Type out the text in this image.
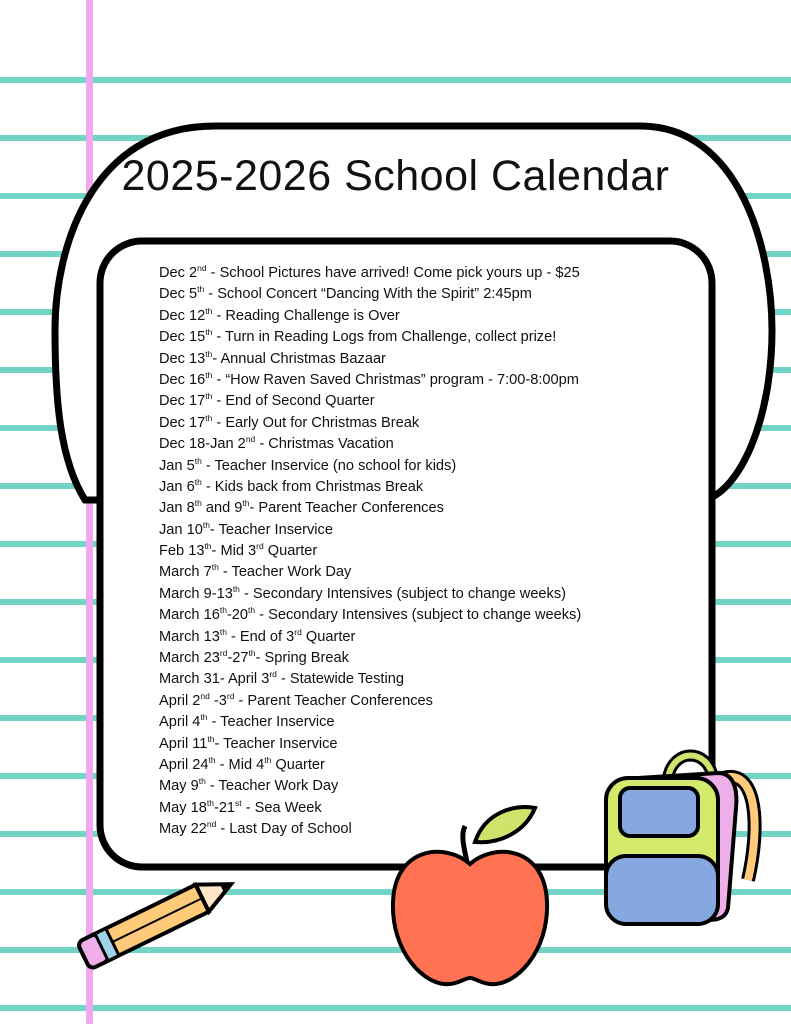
2025-2026 School Calendar
Dec 2nd - School Pictures have arrived! Come pick yours up - $25
Dec 5th - School Concert “Dancing With the Spirit” 2:45pm
Dec 12th - Reading Challenge is Over
Dec 15th - Turn in Reading Logs from Challenge, collect prize!
Dec 13th- Annual Christmas Bazaar
Dec 16th - “How Raven Saved Christmas” program - 7:00-8:00pm
Dec 17th - End of Second Quarter
Dec 17th - Early Out for Christmas Break
Dec 18-Jan 2nd - Christmas Vacation
Jan 5th - Teacher Inservice (no school for kids)
Jan 6th - Kids back from Christmas Break
Jan 8th and 9th- Parent Teacher Conferences
Jan 10th- Teacher Inservice
Feb 13th- Mid 3rd Quarter
March 7th - Teacher Work Day
March 9-13th - Secondary Intensives (subject to change weeks)
March 16th-20th - Secondary Intensives (subject to change weeks)
March 13th - End of 3rd Quarter
March 23rd-27th- Spring Break
March 31- April 3rd - Statewide Testing
April 2nd -3rd - Parent Teacher Conferences
April 4th - Teacher Inservice
April 11th- Teacher Inservice
April 24th - Mid 4th Quarter
May 9th - Teacher Work Day
May 18th-21st - Sea Week
May 22nd - Last Day of School
